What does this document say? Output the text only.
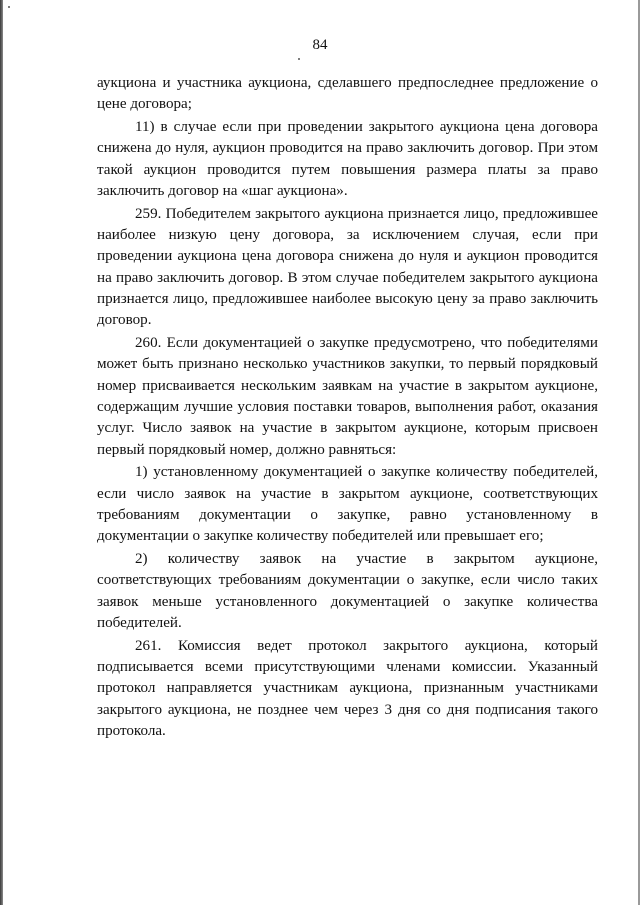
84

аукциона и участника аукциона, сделавшего предпоследнее предложение о цене договора;

11) в случае если при проведении закрытого аукциона цена договора снижена до нуля, аукцион проводится на право заключить договор. При этом такой аукцион проводится путем повышения размера платы за право заключить договор на «шаг аукциона».

259. Победителем закрытого аукциона признается лицо, предложившее наиболее низкую цену договора, за исключением случая, если при проведении аукциона цена договора снижена до нуля и аукцион проводится на право заключить договор. В этом случае победителем закрытого аукциона признается лицо, предложившее наиболее высокую цену за право заключить договор.

260. Если документацией о закупке предусмотрено, что победителями может быть признано несколько участников закупки, то первый порядковый номер присваивается нескольким заявкам на участие в закрытом аукционе, содержащим лучшие условия поставки товаров, выполнения работ, оказания услуг. Число заявок на участие в закрытом аукционе, которым присвоен первый порядковый номер, должно равняться:

1) установленному документацией о закупке количеству победителей, если число заявок на участие в закрытом аукционе, соответствующих требованиям документации о закупке, равно установленному в документации о закупке количеству победителей или превышает его;

2) количеству заявок на участие в закрытом аукционе, соответствующих требованиям документации о закупке, если число таких заявок меньше установленного документацией о закупке количества победителей.

261. Комиссия ведет протокол закрытого аукциона, который подписывается всеми присутствующими членами комиссии. Указанный протокол направляется участникам аукциона, признанным участниками закрытого аукциона, не позднее чем через 3 дня со дня подписания такого протокола.
